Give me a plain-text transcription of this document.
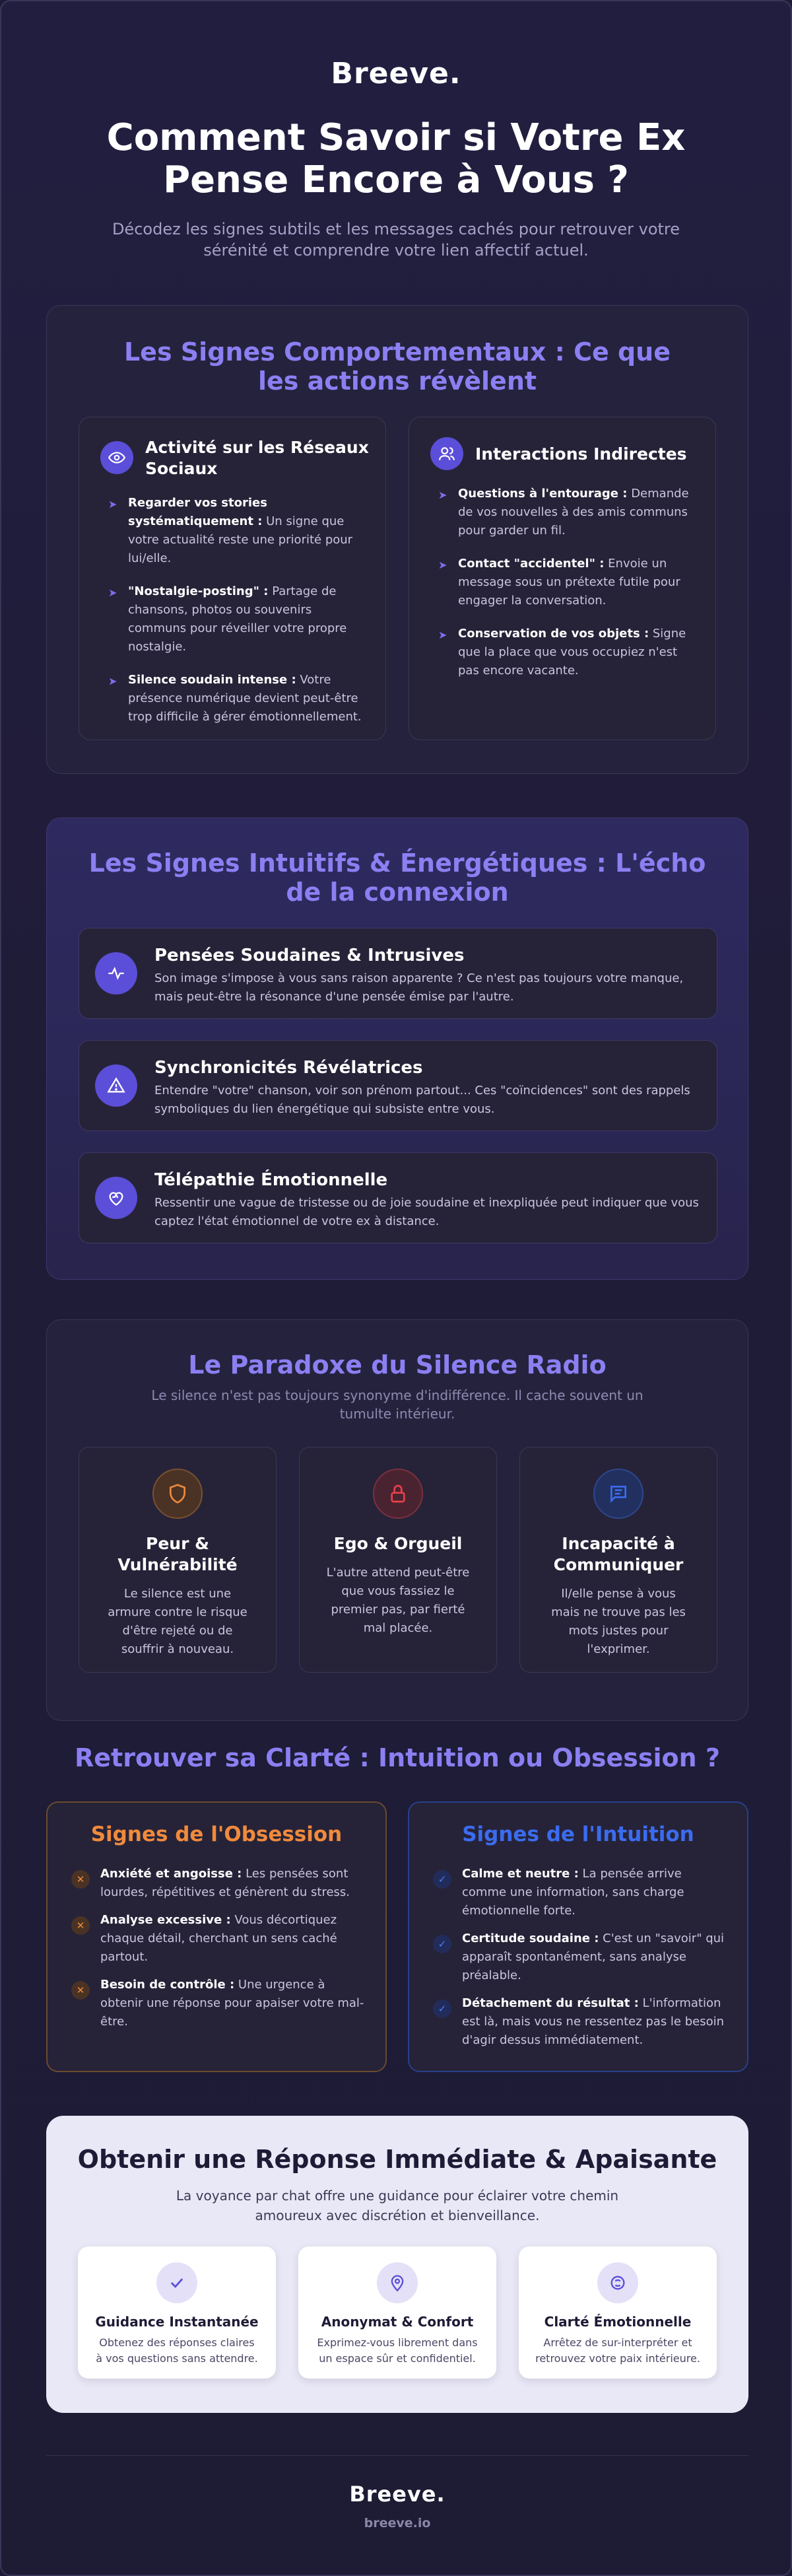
Breeve.
Comment Savoir si Votre Ex Pense Encore à Vous ?

Décodez les signes subtils et les messages cachés pour retrouver votre sérénité et comprendre votre lien affectif actuel.

Les Signes Comportementaux : Ce que les actions révèlent
Activité sur les Réseaux Sociaux
➤ Regarder vos stories systématiquement : Un signe que votre actualité reste une priorité pour lui/elle.
➤ "Nostalgie-posting" : Partage de chansons, photos ou souvenirs communs pour réveiller votre propre nostalgie.
➤ Silence soudain intense : Votre présence numérique devient peut-être trop difficile à gérer émotionnellement.
Interactions Indirectes
➤ Questions à l'entourage : Demande de vos nouvelles à des amis communs pour garder un fil.
➤ Contact "accidentel" : Envoie un message sous un prétexte futile pour engager la conversation.
➤ Conservation de vos objets : Signe que la place que vous occupiez n'est pas encore vacante.
Les Signes Intuitifs & Énergétiques : L'écho de la connexion
Pensées Soudaines & Intrusives
Son image s'impose à vous sans raison apparente ? Ce n'est pas toujours votre manque, mais peut-être la résonance d'une pensée émise par l'autre.
Synchronicités Révélatrices
Entendre "votre" chanson, voir son prénom partout... Ces "coïncidences" sont des rappels symboliques du lien énergétique qui subsiste entre vous.
Télépathie Émotionnelle
Ressentir une vague de tristesse ou de joie soudaine et inexpliquée peut indiquer que vous captez l'état émotionnel de votre ex à distance.
Le Paradoxe du Silence Radio

Le silence n'est pas toujours synonyme d'indifférence. Il cache souvent un tumulte intérieur.

Peur & Vulnérabilité
Le silence est une armure contre le risque d'être rejeté ou de souffrir à nouveau.
Ego & Orgueil
L'autre attend peut-être que vous fassiez le premier pas, par fierté mal placée.
Incapacité à Communiquer
Il/elle pense à vous mais ne trouve pas les mots justes pour l'exprimer.
Retrouver sa Clarté : Intuition ou Obsession ?
Signes de l'Obsession
✕	Anxiété et angoisse : Les pensées sont lourdes, répétitives et génèrent du stress.
✕	Analyse excessive : Vous décortiquez chaque détail, cherchant un sens caché partout.
✕	Besoin de contrôle : Une urgence à obtenir une réponse pour apaiser votre mal-être.
Signes de l'Intuition
✓	Calme et neutre : La pensée arrive comme une information, sans charge émotionnelle forte.
✓	Certitude soudaine : C'est un "savoir" qui apparaît spontanément, sans analyse préalable.
✓	Détachement du résultat : L'information est là, mais vous ne ressentez pas le besoin d'agir dessus immédiatement.
Obtenir une Réponse Immédiate & Apaisante

La voyance par chat offre une guidance pour éclairer votre chemin amoureux avec discrétion et bienveillance.

Guidance Instantanée
Obtenez des réponses claires à vos questions sans attendre.
Anonymat & Confort
Exprimez-vous librement dans un espace sûr et confidentiel.
Clarté Émotionnelle
Arrêtez de sur-interpréter et retrouvez votre paix intérieure.
Breeve.
breeve.io
